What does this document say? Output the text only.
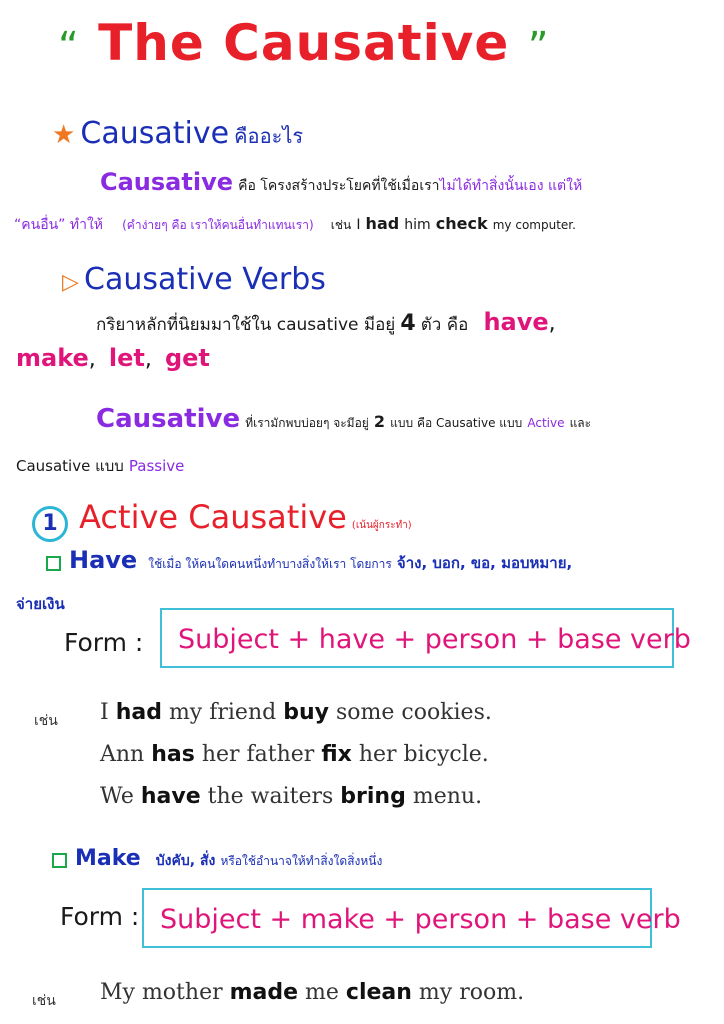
“ The Causative ”
★ Causative คืออะไร
Causative คือ โครงสร้างประโยคที่ใช้เมื่อเราไม่ได้ทำสิ่งนั้นเอง แต่ให้
“คนอื่น” ทำให้ (คำง่ายๆ คือ เราให้คนอื่นทำแทนเรา) เช่น I had him check my computer.
▷ Causative Verbs
กริยาหลักที่นิยมมาใช้ใน causative มีอยู่ 4 ตัว คือ have,
make, let, get
Causative ที่เรามักพบบ่อยๆ จะมีอยู่ 2 แบบ คือ Causative แบบ Active และ
Causative แบบ Passive
1 Active Causative (เน้นผู้กระทำ)
Have ใช้เมื่อ ให้คนใดคนหนึ่งทำบางสิ่งให้เรา โดยการ จ้าง, บอก, ขอ, มอบหมาย,
จ่ายเงิน
Form :	Subject + have + person + base verb
เช่น I had my friend buy some cookies.
Ann has her father fix her bicycle.
We have the waiters bring menu.
Make บังคับ, สั่ง หรือใช้อำนาจให้ทำสิ่งใดสิ่งหนึ่ง
Form : Subject + make + person + base verb
เช่น My mother made me clean my room.
